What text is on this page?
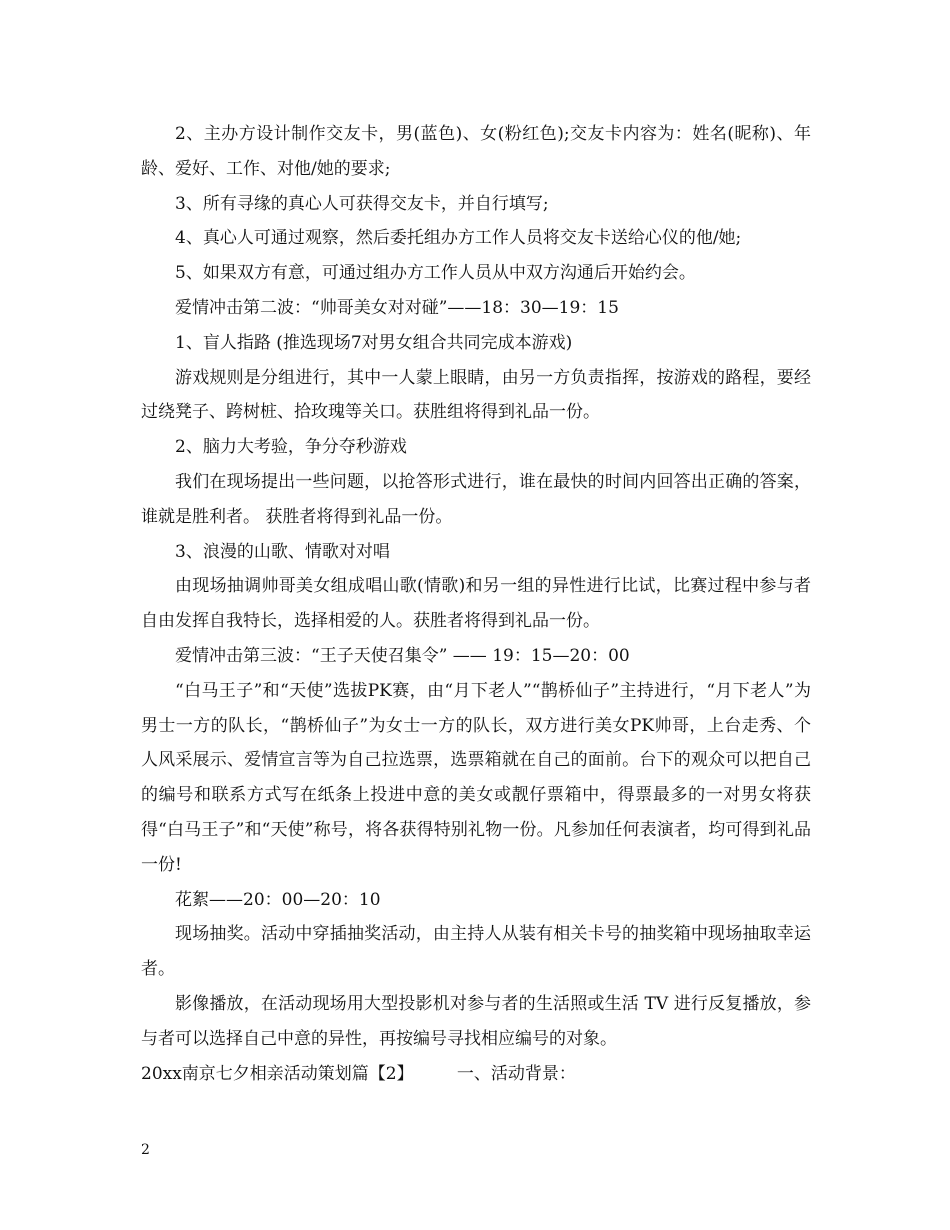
2、主办方设计制作交友卡，男(蓝色)、女(粉红色);交友卡内容为：姓名(昵称)、年龄、爱好、工作、对他/她的要求;

3、所有寻缘的真心人可获得交友卡，并自行填写;

4、真心人可通过观察，然后委托组办方工作人员将交友卡送给心仪的他/她;

5、如果双方有意，可通过组办方工作人员从中双方沟通后开始约会。

爱情冲击第二波：“帅哥美女对对碰”——18：30—19：15

1、盲人指路 (推选现场7对男女组合共同完成本游戏)

游戏规则是分组进行，其中一人蒙上眼睛，由另一方负责指挥，按游戏的路程，要经过绕凳子、跨树桩、拾玫瑰等关口。获胜组将得到礼品一份。

2、脑力大考验，争分夺秒游戏

我们在现场提出一些问题，以抢答形式进行，谁在最快的时间内回答出正确的答案，谁就是胜利者。 获胜者将得到礼品一份。

3、浪漫的山歌、情歌对对唱

由现场抽调帅哥美女组成唱山歌(情歌)和另一组的异性进行比试，比赛过程中参与者自由发挥自我特长，选择相爱的人。获胜者将得到礼品一份。

爱情冲击第三波：“王子天使召集令” —— 19：15—20：00

“白马王子”和“天使”选拔PK赛，由“月下老人”“鹊桥仙子”主持进行，“月下老人”为男士一方的队长，“鹊桥仙子”为女士一方的队长，双方进行美女PK帅哥，上台走秀、个人风采展示、爱情宣言等为自己拉选票，选票箱就在自己的面前。台下的观众可以把自己的编号和联系方式写在纸条上投进中意的美女或靓仔票箱中，得票最多的一对男女将获得“白马王子”和“天使”称号，将各获得特别礼物一份。凡参加任何表演者，均可得到礼品一份!

花絮——20：00—20：10

现场抽奖。活动中穿插抽奖活动，由主持人从装有相关卡号的抽奖箱中现场抽取幸运者。

影像播放，在活动现场用大型投影机对参与者的生活照或生活 TV 进行反复播放，参与者可以选择自己中意的异性，再按编号寻找相应编号的对象。

20xx南京七夕相亲活动策划篇【2】	一、活动背景：

2
